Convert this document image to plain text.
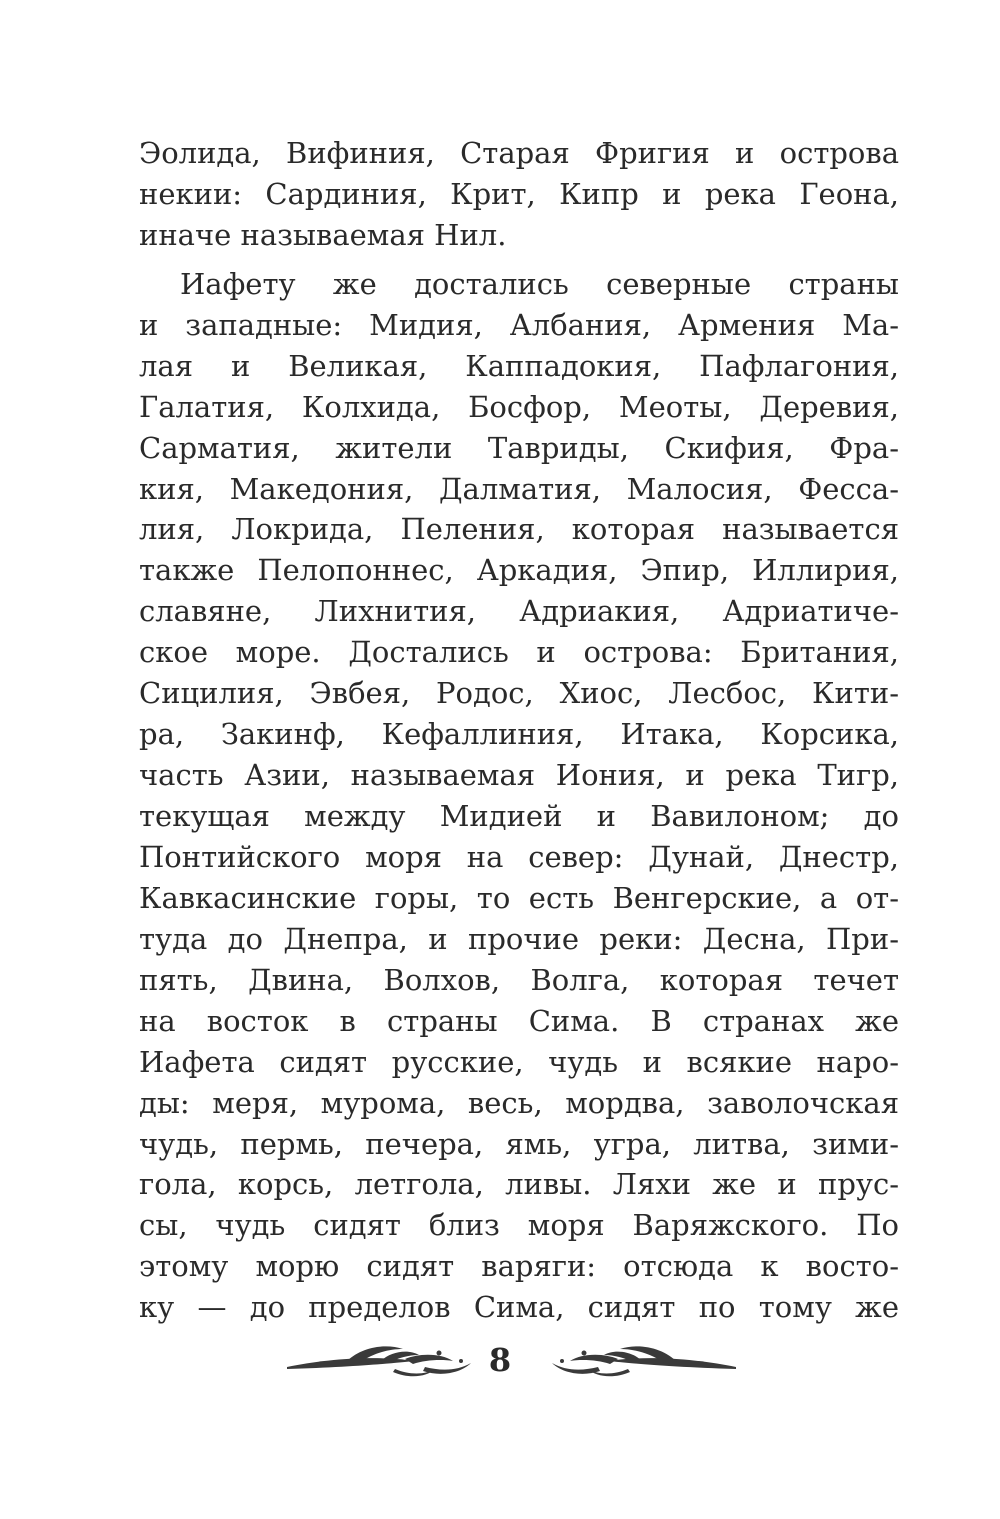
Эолида, Вифиния, Старая Фригия и острова
некии: Сардиния, Крит, Кипр и река Геона,
иначе называемая Нил.
Иафету же достались северные страны
и западные: Мидия, Албания, Армения Ма-
лая и Великая, Каппадокия, Пафлагония,
Галатия, Колхида, Босфор, Меоты, Деревия,
Сарматия, жители Тавриды, Скифия, Фра-
кия, Македония, Далматия, Малосия, Фесса-
лия, Локрида, Пелeния, которая называется
также Пелопоннес, Аркадия, Эпир, Иллирия,
славяне, Лихнития, Адриакия, Адриатиче-
ское море. Достались и острова: Британия,
Сицилия, Эвбея, Родос, Хиос, Лесбос, Кити-
ра, Закинф, Кефаллиния, Итака, Корсика,
часть Азии, называемая Иония, и река Тигр,
текущая между Мидией и Вавилоном; до
Понтийского моря на север: Дунай, Днестр,
Кавкасинские горы, то есть Венгерские, а от-
туда до Днепра, и прочие реки: Десна, При-
пять, Двина, Волхов, Волга, которая течет
на восток в страны Сима. В странах же
Иафета сидят русские, чудь и всякие наро-
ды: меря, мурома, весь, мордва, заволочская
чудь, пермь, печера, ямь, угра, литва, зими-
гола, корсь, летгола, ливы. Ляхи же и прус-
сы, чудь сидят близ моря Варяжского. По
этому морю сидят варяги: отсюда к восто-
ку — до пределов Сима, сидят по тому же
8
